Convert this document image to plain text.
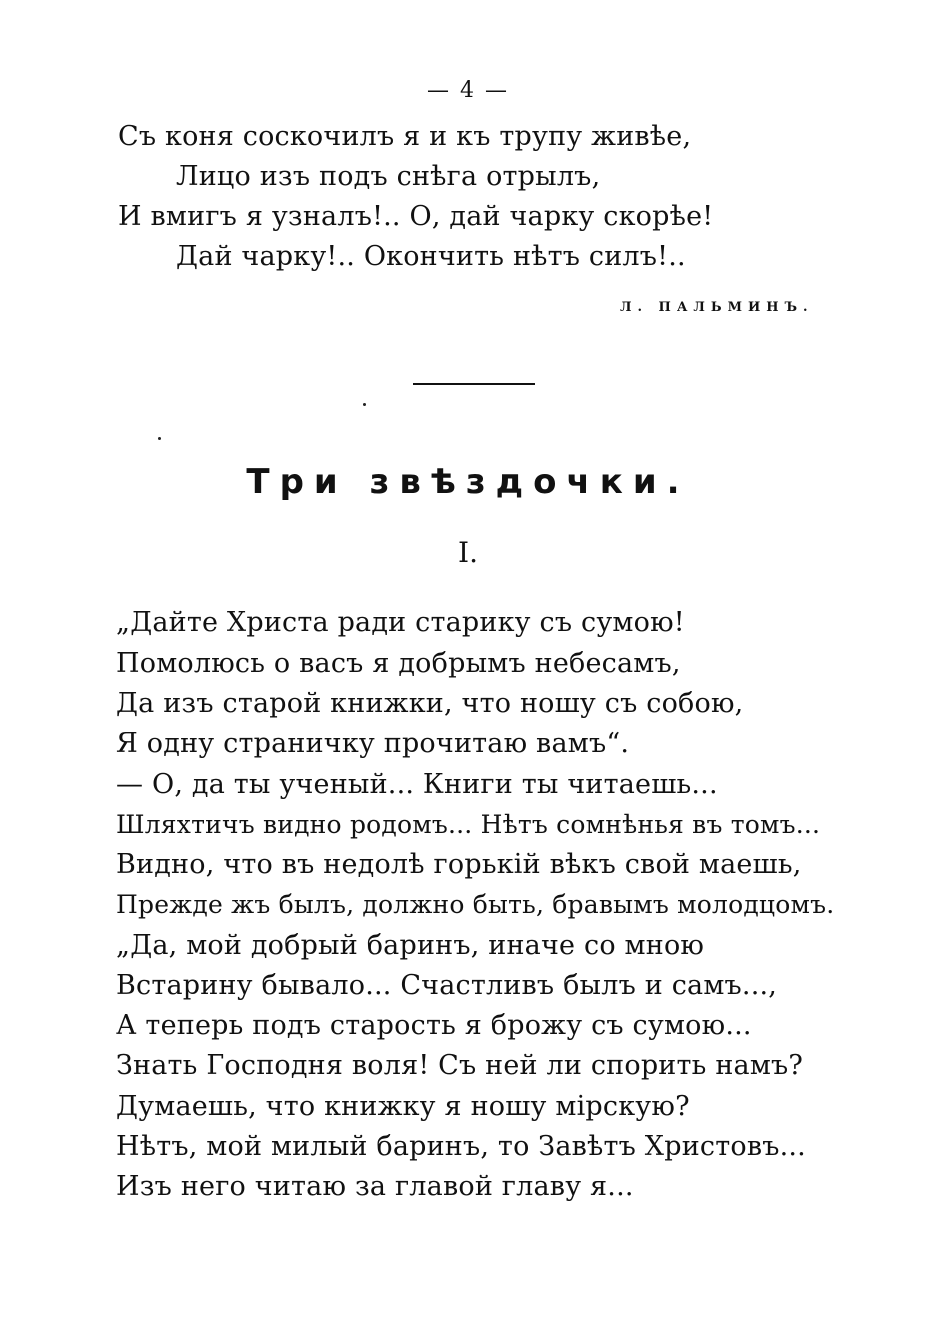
— 4 —
Съ коня соскочилъ я и къ трупу живѣе,
Лицо изъ подъ снѣга отрылъ,
И вмигъ я узналъ!.. О, дай чарку скорѣе!
Дай чарку!.. Окончить нѣтъ силъ!..
Л. ПАЛЬМИНЪ.
Три звѣздочки.
I.
„Дайте Христа ради старику съ сумою!
Помолюсь о васъ я добрымъ небесамъ,
Да изъ старой книжки, что ношу съ собою,
Я одну страничку прочитаю вамъ“.
— О, да ты ученый... Книги ты читаешь...
Шляхтичъ видно родомъ... Нѣтъ сомнѣнья въ томъ...
Видно, что въ недолѣ горькій вѣкъ свой маешь,
Прежде жъ былъ, должно быть, бравымъ молодцомъ.
„Да, мой добрый баринъ, иначе со мною
Встарину бывало... Счастливъ былъ и самъ...,
А теперь подъ старость я брожу съ сумою...
Знать Господня воля! Съ ней ли спорить намъ?
Думаешь, что книжку я ношу мірскую?
Нѣтъ, мой милый баринъ, то Завѣтъ Христовъ...
Изъ него читаю за главой главу я...
